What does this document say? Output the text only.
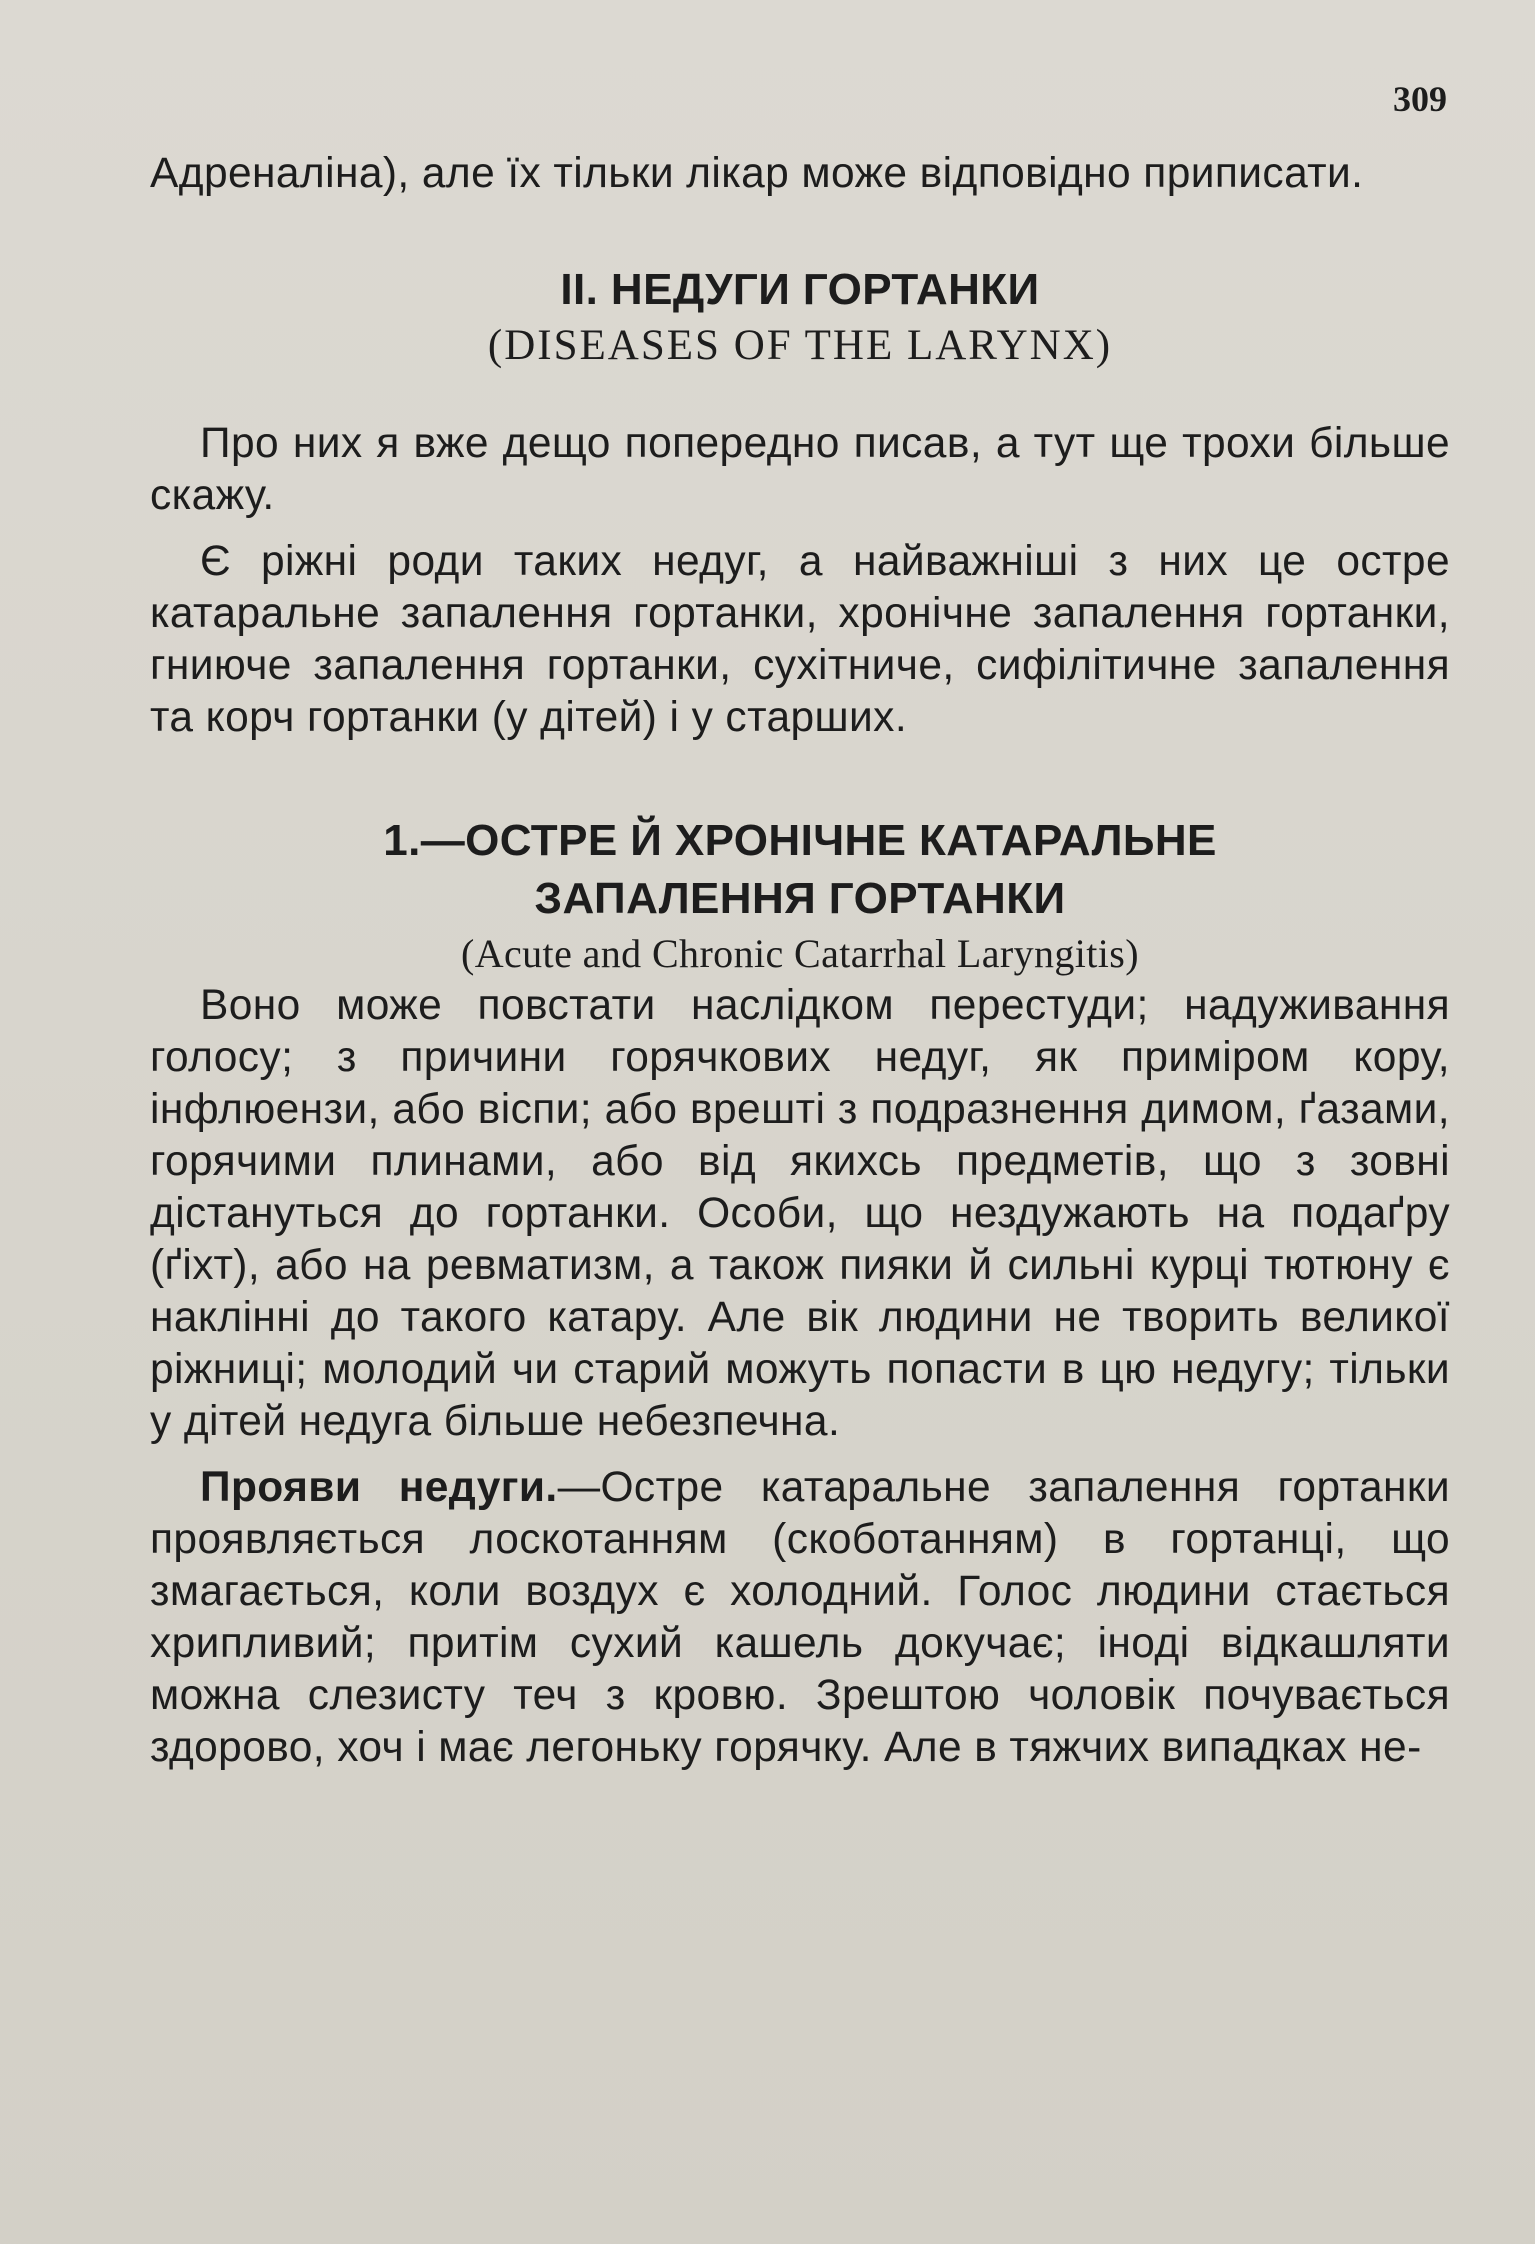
309

Адреналіна), але їх тільки лікар може відповідно приписати.

II. НЕДУГИ ГОРТАНКИ
(DISEASES OF THE LARYNX)

Про них я вже дещо попередно писав, а тут ще трохи більше скажу.

Є ріжні роди таких недуг, а найважніші з них це остре катаральне запалення гортанки, хронічне запалення гортанки, гниюче запалення гортанки, сухітниче, сифілітичне запалення та корч гортанки (у дітей) і у старших.

1.—ОСТРЕ Й ХРОНІЧНЕ КАТАРАЛЬНЕ
ЗАПАЛЕННЯ ГОРТАНКИ
(Acute and Chronic Catarrhal Laryngitis)

Воно може повстати наслідком перестуди; надуживання голосу; з причини горячкових недуг, як приміром кору, інфлюензи, або віспи; або врешті з подразнення димом, ґазами, горячими плинами, або від якихсь предметів, що з зовні дістануться до гортанки. Особи, що нездужають на подаґру (ґіхт), або на ревматизм, а також пияки й сильні курці тютюну є наклінні до такого катару. Але вік людини не творить великої ріжниці; молодий чи старий можуть попасти в цю недугу; тільки у дітей недуга більше небезпечна.

Прояви недуги.—Остре катаральне запалення гортанки проявляється лоскотанням (скоботанням) в гортанці, що змагається, коли воздух є холодний. Голос людини стається хрипливий; притім сухий кашель докучає; іноді відкашляти можна слезисту теч з кровю. Зрештою чоловік почувається здорово, хоч і має легоньку горячку. Але в тяжчих випадках не-
